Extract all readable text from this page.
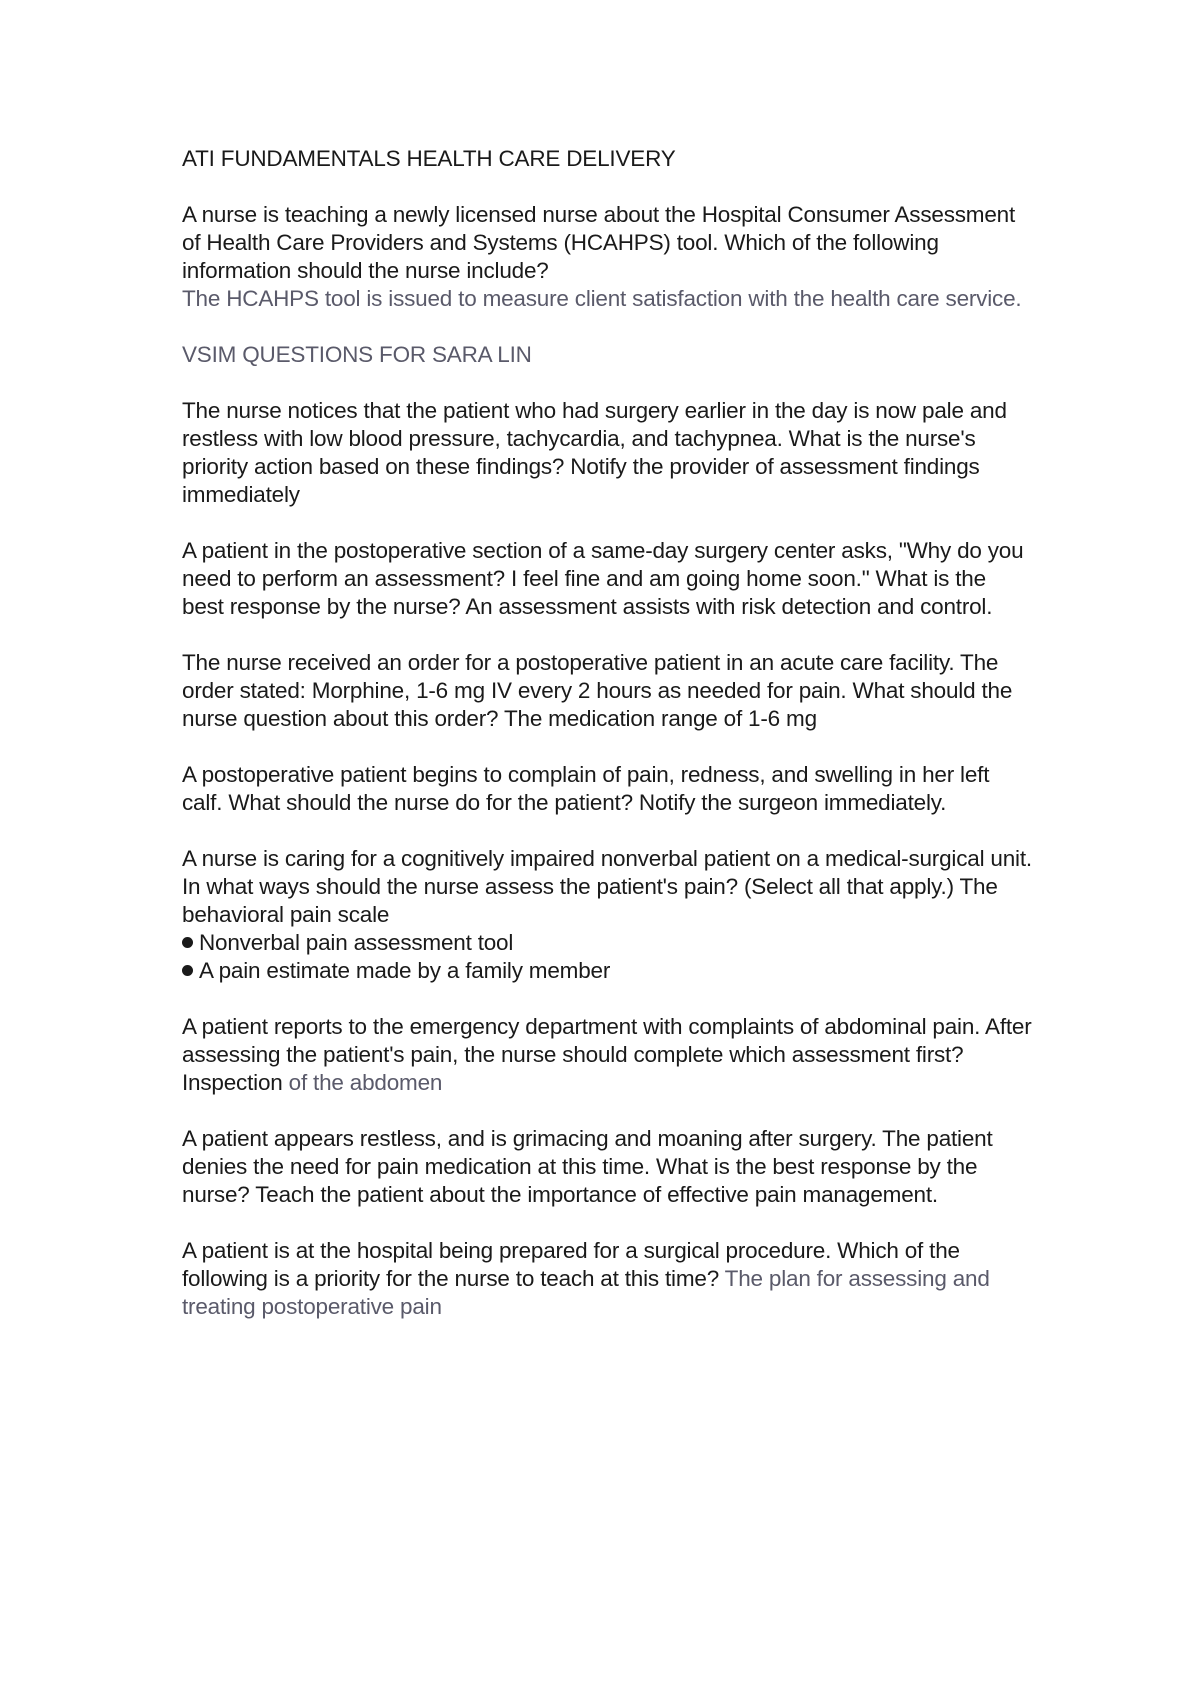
ATI FUNDAMENTALS HEALTH CARE DELIVERY

A nurse is teaching a newly licensed nurse about the Hospital Consumer Assessment of Health Care Providers and Systems (HCAHPS) tool. Which of the following information should the nurse include?
The HCAHPS tool is issued to measure client satisfaction with the health care service.

VSIM QUESTIONS FOR SARA LIN

The nurse notices that the patient who had surgery earlier in the day is now pale and restless with low blood pressure, tachycardia, and tachypnea. What is the nurse's priority action based on these findings? Notify the provider of assessment findings immediately

A patient in the postoperative section of a same-day surgery center asks, "Why do you need to perform an assessment? I feel fine and am going home soon." What is the best response by the nurse? An assessment assists with risk detection and control.

The nurse received an order for a postoperative patient in an acute care facility. The order stated: Morphine, 1-6 mg IV every 2 hours as needed for pain. What should the nurse question about this order? The medication range of 1-6 mg

A postoperative patient begins to complain of pain, redness, and swelling in her left calf. What should the nurse do for the patient? Notify the surgeon immediately.

A nurse is caring for a cognitively impaired nonverbal patient on a medical-surgical unit. In what ways should the nurse assess the patient's pain? (Select all that apply.) The behavioral pain scale
Nonverbal pain assessment tool
A pain estimate made by a family member

A patient reports to the emergency department with complaints of abdominal pain. After assessing the patient's pain, the nurse should complete which assessment first? Inspection of the abdomen

A patient appears restless, and is grimacing and moaning after surgery. The patient denies the need for pain medication at this time. What is the best response by the nurse? Teach the patient about the importance of effective pain management.

A patient is at the hospital being prepared for a surgical procedure. Which of the following is a priority for the nurse to teach at this time? The plan for assessing and treating postoperative pain
